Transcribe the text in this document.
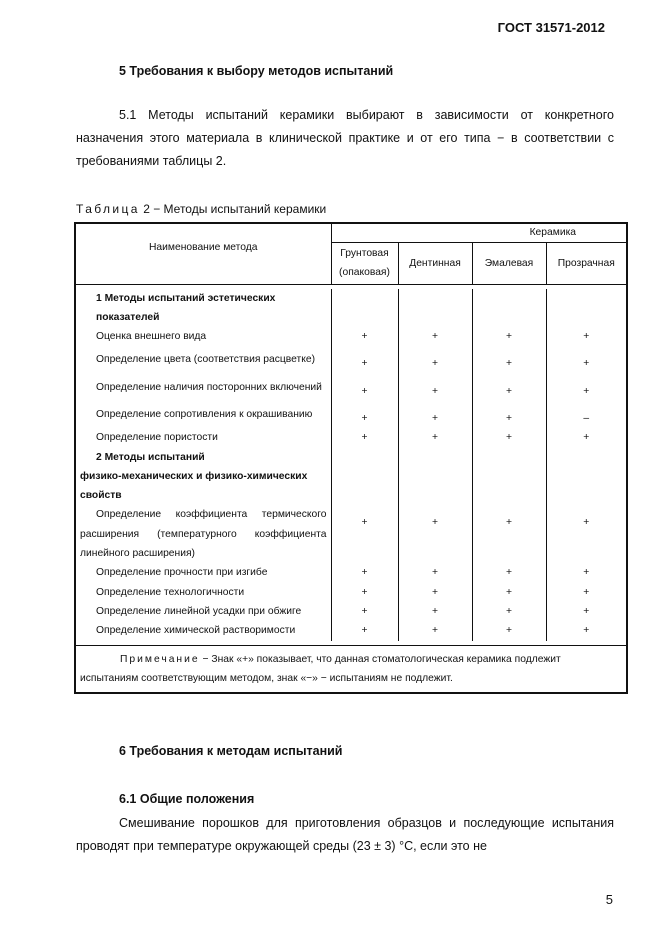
ГОСТ 31571-2012
5 Требования к выбору методов испытаний
5.1 Методы испытаний керамики выбирают в зависимости от конкретного назначения этого материала в клинической практике и от его типа − в соответствии с требованиями таблицы 2.
Таблица 2 − Методы испытаний керамики
Наименование метода	Керамика			
	Грунтовая (опаковая)	Дентинная	Эмалевая	Прозрачная

1 Методы испытаний эстетических показателей				

Оценка внешнего вида	+	+	+	+

Определение цвета (соответствия расцветке)	+	+	+	+

Определение наличия посторонних включений	+	+	+	+

Определение сопротивления к окрашиванию	+	+	+	–

Определение пористости	+	+	+	+

2 Методы испытаний
физико-механических и физико-химических свойств				

Определение коэффициента термического расширения (температурного коэффициента линейного расширения)	+	+	+	+

Определение прочности при изгибе	+	+	+	+

Определение технологичности	+	+	+	+

Определение линейной усадки при обжиге	+	+	+	+

Определение химической растворимости	+	+	+	+

Примечание − Знак «+» показывает, что данная стоматологическая керамика подлежит испытаниям соответствующим методом, знак «−» − испытаниям не подлежит.				
6 Требования к методам испытаний
6.1 Общие положения
Смешивание порошков для приготовления образцов и последующие испытания проводят при температуре окружающей среды (23 ± 3) °С, если это не
5
